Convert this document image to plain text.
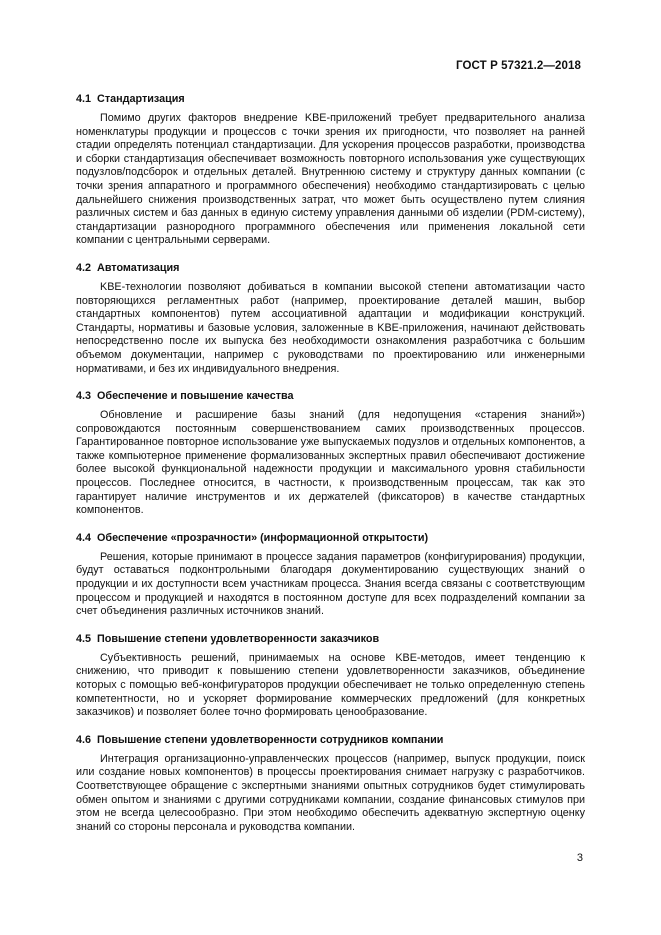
ГОСТ Р 57321.2—2018
4.1 Стандартизация

Помимо других факторов внедрение KBE-приложений требует предварительного анализа номенклатуры продукции и процессов с точки зрения их пригодности, что позволяет на ранней стадии определять потенциал стандартизации. Для ускорения процессов разработки, производства и сборки стандартизация обеспечивает возможность повторного использования уже существующих подузлов/подсборок и отдельных деталей. Внутреннюю систему и структуру данных компании (с точки зрения аппаратного и программного обеспечения) необходимо стандартизировать с целью дальнейшего снижения производственных затрат, что может быть осуществлено путем слияния различных систем и баз данных в единую систему управления данными об изделии (PDM-систему), стандартизации разнородного программного обеспечения или применения локальной сети компании с центральными серверами.

4.2 Автоматизация

KBE-технологии позволяют добиваться в компании высокой степени автоматизации часто повторяющихся регламентных работ (например, проектирование деталей машин, выбор стандартных компонентов) путем ассоциативной адаптации и модификации конструкций. Стандарты, нормативы и базовые условия, заложенные в KBE-приложения, начинают действовать непосредственно после их выпуска без необходимости ознакомления разработчика с большим объемом документации, например с руководствами по проектированию или инженерными нормативами, и без их индивидуального внедрения.

4.3 Обеспечение и повышение качества

Обновление и расширение базы знаний (для недопущения «старения знаний») сопровождаются постоянным совершенствованием самих производственных процессов. Гарантированное повторное использование уже выпускаемых подузлов и отдельных компонентов, а также компьютерное применение формализованных экспертных правил обеспечивают достижение более высокой функциональной надежности продукции и максимального уровня стабильности процессов. Последнее относится, в частности, к производственным процессам, так как это гарантирует наличие инструментов и их держателей (фиксаторов) в качестве стандартных компонентов.

4.4 Обеспечение «прозрачности» (информационной открытости)

Решения, которые принимают в процессе задания параметров (конфигурирования) продукции, будут оставаться подконтрольными благодаря документированию существующих знаний о продукции и их доступности всем участникам процесса. Знания всегда связаны с соответствующим процессом и продукцией и находятся в постоянном доступе для всех подразделений компании за счет объединения различных источников знаний.

4.5 Повышение степени удовлетворенности заказчиков

Субъективность решений, принимаемых на основе KBE-методов, имеет тенденцию к снижению, что приводит к повышению степени удовлетворенности заказчиков, объединение которых с помощью веб-конфигураторов продукции обеспечивает не только определенную степень компетентности, но и ускоряет формирование коммерческих предложений (для конкретных заказчиков) и позволяет более точно формировать ценообразование.

4.6 Повышение степени удовлетворенности сотрудников компании

Интеграция организационно-управленческих процессов (например, выпуск продукции, поиск или создание новых компонентов) в процессы проектирования снимает нагрузку с разработчиков. Соответствующее обращение с экспертными знаниями опытных сотрудников будет стимулировать обмен опытом и знаниями с другими сотрудниками компании, создание финансовых стимулов при этом не всегда целесообразно. При этом необходимо обеспечить адекватную экспертную оценку знаний со стороны персонала и руководства компании.

3
